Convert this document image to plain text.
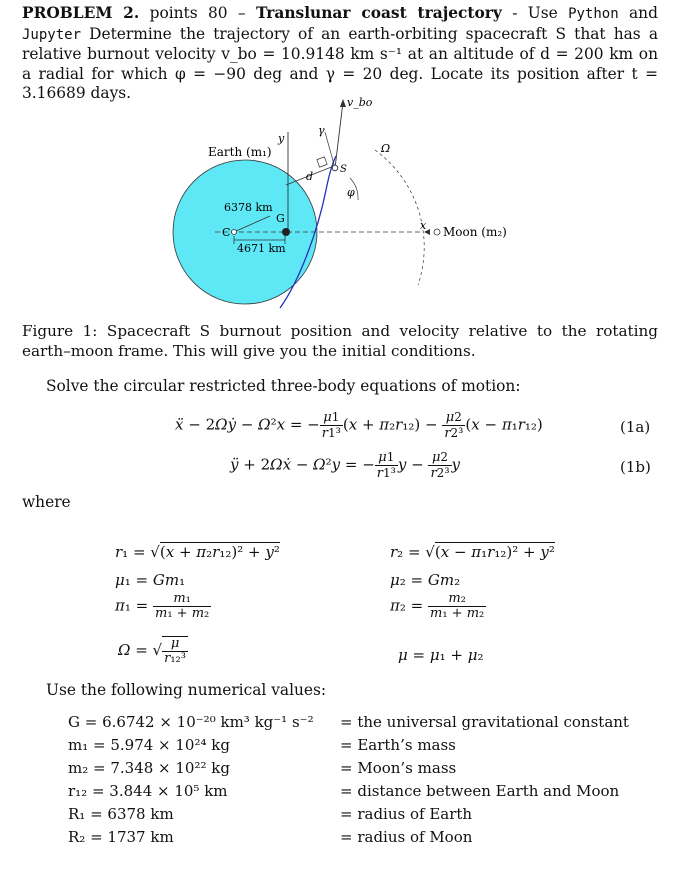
PROBLEM 2. points 80 – Translunar coast trajectory - Use Python and Jupyter Determine the trajectory of an earth-orbiting spacecraft S that has a relative burnout velocity v_bo = 10.9148 km s⁻¹ at an altitude of d = 200 km on a radial for which φ = −90 deg and γ = 20 deg. Locate its position after t = 3.16689 days.
Earth (m₁)
6378 km
4671 km
C
G
y
x Moon (m₂)
γ
Ω
φ
d
S
v_bo
Figure 1: Spacecraft S burnout position and velocity relative to the rotating earth–moon frame. This will give you the initial conditions.
Solve the circular restricted three-body equations of motion:
ẍ − 2Ωẏ − Ω²x = − $\frac{\mu 1}{\text{r1³}} (x + \pi_2r_{12}) - \frac{\mu 2}{\text{r2³}} (x - \pi_1r_{12})$	(1a)
ÿ + 2Ωẋ − Ω²y = − $\frac{\mu 1}{\text{r1³}}$ $y - \frac{\mu 2}{\text{r2³}}$ y	(1b)
where
r₁ = √(x + π₂r₁₂)² + y²
μ₁ = Gm₁
$\pi_1 = \frac{\text{m₁}}{\text{m₁ + m₂}}$
Ω = √ $\frac{\mu}{\text{r₁₂³}}$
r₂ = √(x − π₁r₁₂)² + y²
μ₂ = Gm₂
$\pi_2 = \frac{\text{m₂}}{\text{m₁ + m₂}}$
μ = μ₁ + μ₂
Use the following numerical values:
G = 6.6742 × 10⁻²⁰ km³ kg⁻¹ s⁻²	= the universal gravitational constant
m₁ = 5.974 × 10²⁴ kg	= Earth’s mass
m₂ = 7.348 × 10²² kg	= Moon’s mass
r₁₂ = 3.844 × 10⁵ km	= distance between Earth and Moon
R₁ = 6378 km	= radius of Earth
R₂ = 1737 km	= radius of Moon
